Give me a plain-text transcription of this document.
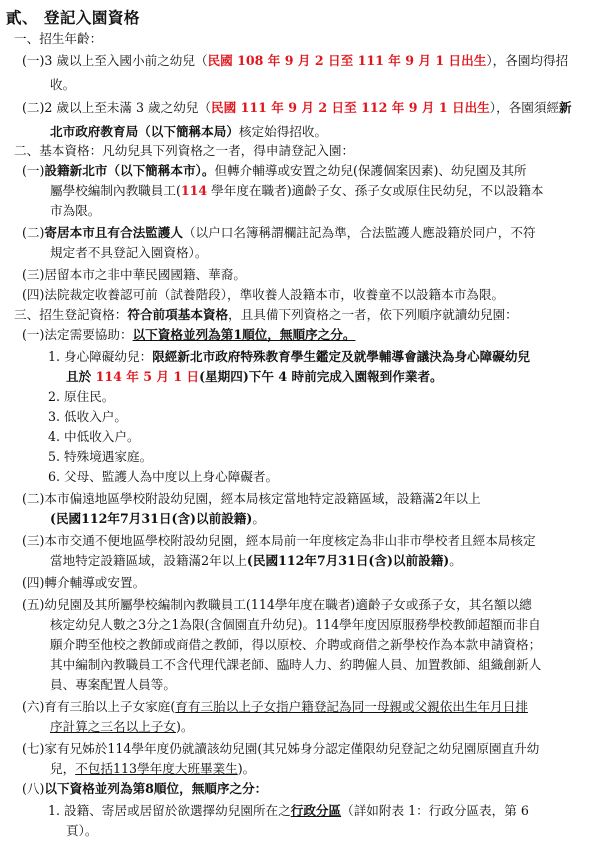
貳、 登記入園資格
一、招生年齡：
(一)3 歲以上至入國小前之幼兒（民國 108 年 9 月 2 日至 111 年 9 月 1 日出生），各園均得招
收。
(二)2 歲以上至未滿 3 歲之幼兒（民國 111 年 9 月 2 日至 112 年 9 月 1 日出生），各園須經新
北市政府教育局（以下簡稱本局）核定始得招收。
二、基本資格：凡幼兒具下列資格之一者，得申請登記入園：
(一)設籍新北市（以下簡稱本市）。但轉介輔導或安置之幼兒(保護個案因素)、幼兒園及其所
屬學校編制內教職員工(114 學年度在職者)適齡子女、孫子女或原住民幼兒，不以設籍本
市為限。
(二)寄居本市且有合法監護人（以户口名簿稱謂欄註記為準，合法監護人應設籍於同户，不符
規定者不具登記入園資格）。
(三)居留本市之非中華民國國籍、華裔。
(四)法院裁定收養認可前（試養階段），準收養人設籍本市，收養童不以設籍本市為限。
三、招生登記資格：符合前項基本資格，且具備下列資格之一者，依下列順序就讀幼兒園：
(一)法定需要協助：以下資格並列為第1順位，無順序之分。
1. 身心障礙幼兒：限經新北市政府特殊教育學生鑑定及就學輔導會議決為身心障礙幼兒
且於 114 年 5 月 1 日(星期四)下午 4 時前完成入園報到作業者。
2. 原住民。
3. 低收入户。
4. 中低收入户。
5. 特殊境遇家庭。
6. 父母、監護人為中度以上身心障礙者。
(二)本市偏遠地區學校附設幼兒園，經本局核定當地特定設籍區域，設籍滿2年以上
(民國112年7月31日(含)以前設籍)。
(三)本市交通不便地區學校附設幼兒園，經本局前一年度核定為非山非市學校者且經本局核定
當地特定設籍區域，設籍滿2年以上(民國112年7月31日(含)以前設籍)。
(四)轉介輔導或安置。
(五)幼兒園及其所屬學校編制內教職員工(114學年度在職者)適齡子女或孫子女，其名額以總
核定幼兒人數之3分之1為限(含個園直升幼兒)。114學年度因原服務學校教師超額而非自
願介聘至他校之教師或商借之教師，得以原校、介聘或商借之新學校作為本款申請資格；
其中編制內教職員工不含代理代課老師、臨時人力、約聘僱人員、加置教師、組織創新人
員、專案配置人員等。
(六)育有三胎以上子女家庭(育有三胎以上子女指户籍登記為同一母親或父親依出生年月日排
序計算之三名以上子女)。
(七)家有兄姊於114學年度仍就讀該幼兒園(其兄姊身分認定僅限幼兒登記之幼兒園原園直升幼
兒，不包括113學年度大班畢業生)。
(八)以下資格並列為第8順位，無順序之分：
1. 設籍、寄居或居留於欲選擇幼兒園所在之行政分區（詳如附表 1：行政分區表，第 6
頁）。
